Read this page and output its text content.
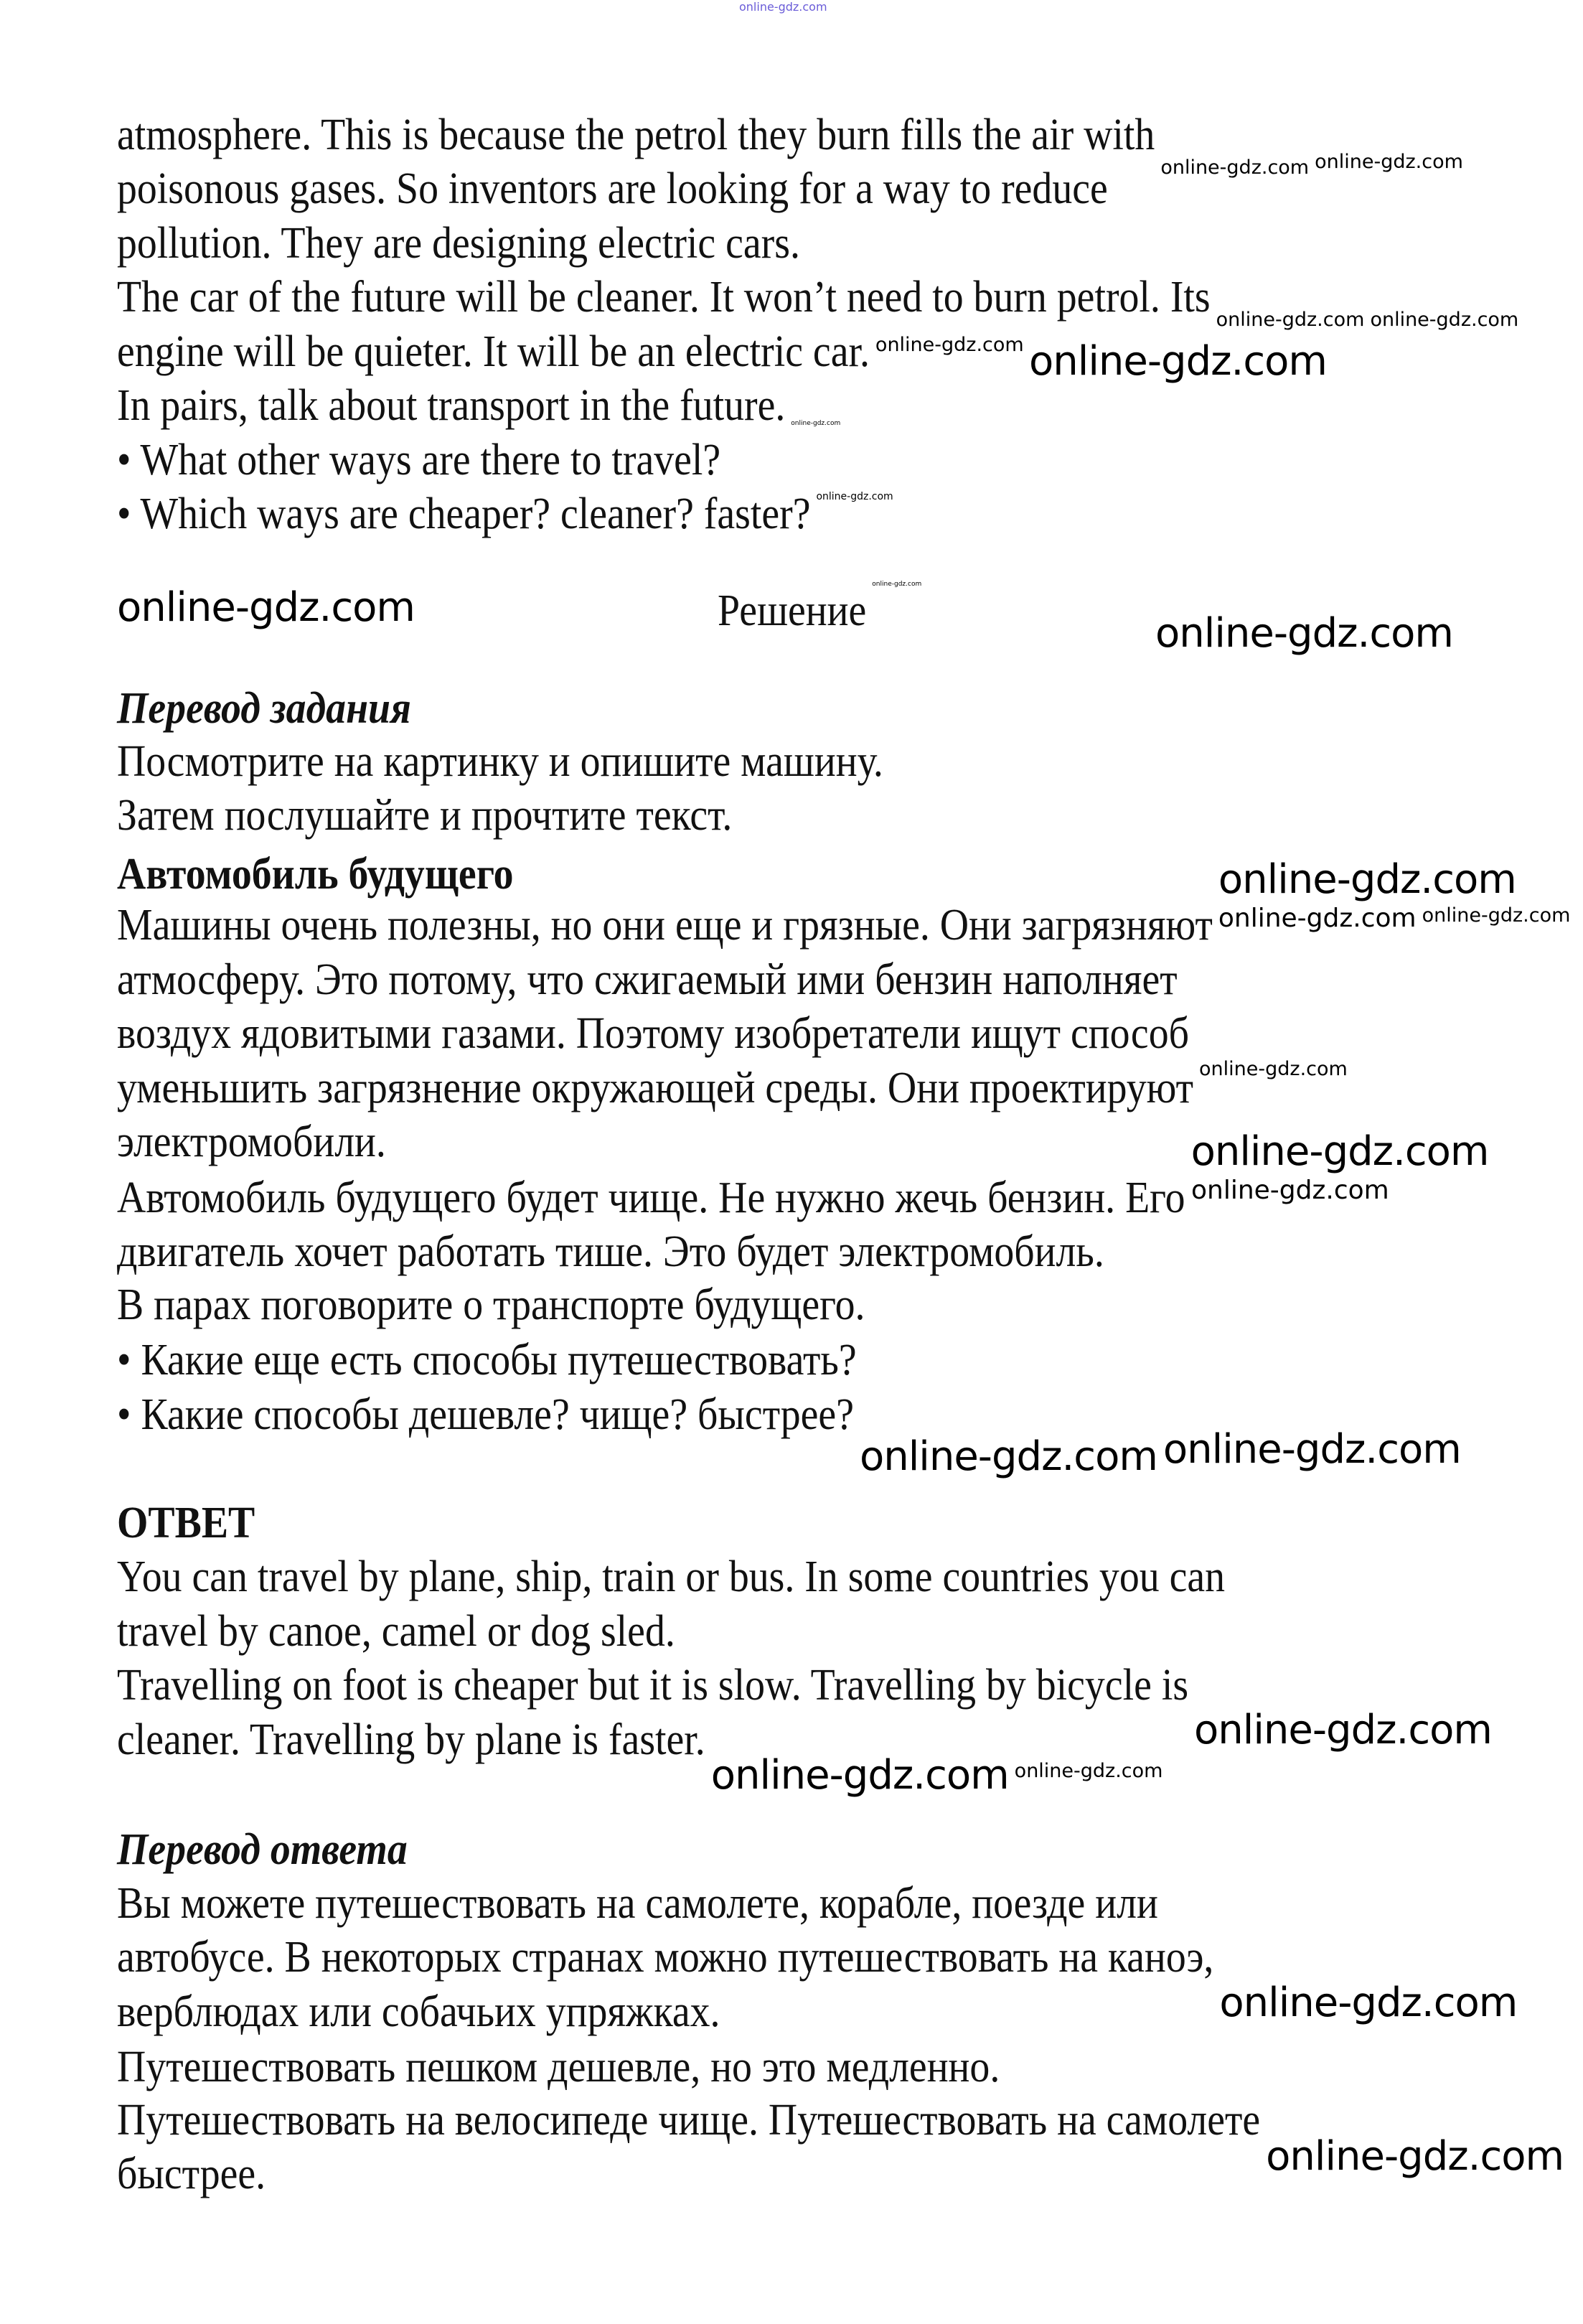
atmosphere. This is because the petrol they burn fills the air with
poisonous gases. So inventors are looking for a way to reduce
pollution. They are designing electric cars.
The car of the future will be cleaner. It won’t need to burn petrol. Its
engine will be quieter. It will be an electric car.
In pairs, talk about transport in the future.
• What other ways are there to travel?
• Which ways are cheaper? cleaner? faster?
Решение
Перевод задания
Посмотрите на картинку и опишите машину.
Затем послушайте и прочтите текст.
Автомобиль будущего
Машины очень полезны, но они еще и грязные. Они загрязняют
атмосферу. Это потому, что сжигаемый ими бензин наполняет
воздух ядовитыми газами. Поэтому изобретатели ищут способ
уменьшить загрязнение окружающей среды. Они проектируют
электромобили.
Автомобиль будущего будет чище. Не нужно жечь бензин. Его
двигатель хочет работать тише. Это будет электромобиль.
В парах поговорите о транспорте будущего.
• Какие еще есть способы путешествовать?
• Какие способы дешевле? чище? быстрее?
ОТВЕТ
You can travel by plane, ship, train or bus. In some countries you can
travel by canoe, camel or dog sled.
Travelling on foot is cheaper but it is slow. Travelling by bicycle is
cleaner. Travelling by plane is faster.
Перевод ответа
Вы можете путешествовать на самолете, корабле, поезде или
автобусе. В некоторых странах можно путешествовать на каноэ,
верблюдах или собачьих упряжках.
Путешествовать пешком дешевле, но это медленно.
Путешествовать на велосипеде чище. Путешествовать на самолете
быстрее.
online-gdz.com
online-gdz.com
online-gdz.com
online-gdz.com
online-gdz.com
online-gdz.com
online-gdz.com online-gdz.com
online-gdz.com
online-gdz.com
online-gdz.com
online-gdz.com
online-gdz.com
online-gdz.com
online-gdz.com online-gdz.com
online-gdz.com online-gdz.com
online-gdz.com
online-gdz.com
online-gdz.com
online-gdz.com
online-gdz.com
online-gdz.com
online-gdz.com
